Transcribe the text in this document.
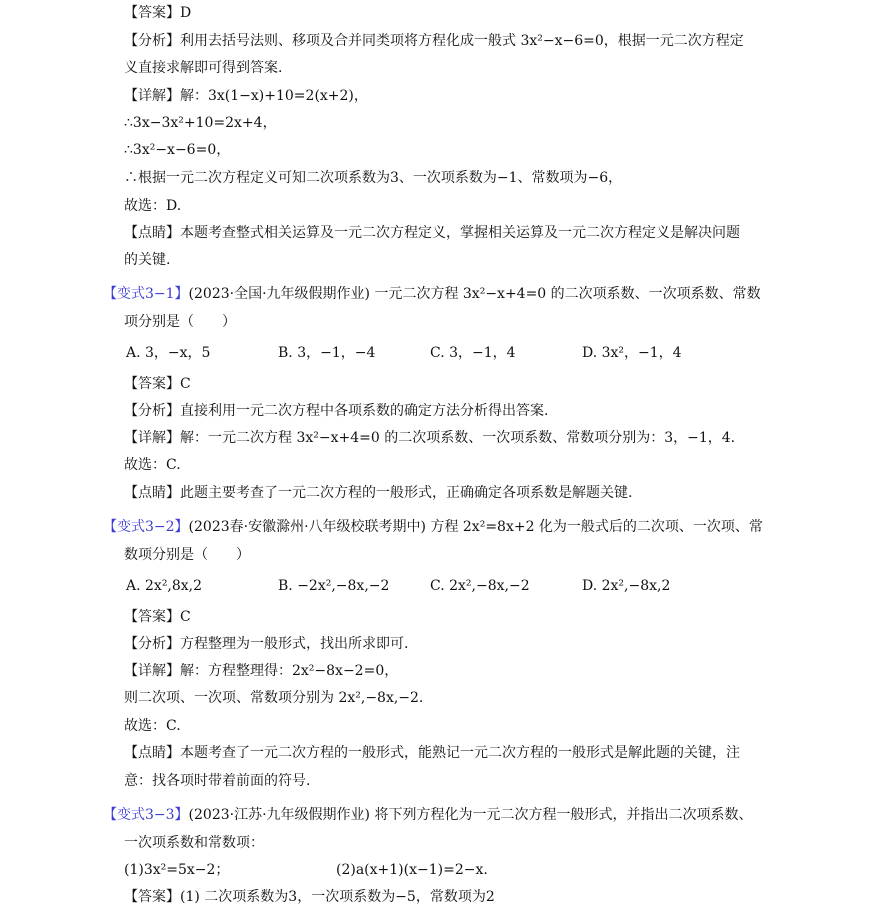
【答案】D
【分析】利用去括号法则、移项及合并同类项将方程化成一般式 3x²−x−6=0，根据一元二次方程定
义直接求解即可得到答案.
【详解】解：3x(1−x)+10=2(x+2)，
∴3x−3x²+10=2x+4，
∴3x²−x−6=0，
∴根据一元二次方程定义可知二次项系数为3、一次项系数为−1、常数项为−6，
故选：D.
【点睛】本题考查整式相关运算及一元二次方程定义，掌握相关运算及一元二次方程定义是解决问题
的关键.
【变式3−1】(2023·全国·九年级假期作业) 一元二次方程 3x²−x+4=0 的二次项系数、一次项系数、常数
项分别是（　　）
A. 3，−x，5	B. 3，−1，−4	C. 3，−1，4	D. 3x²，−1，4
【答案】C
【分析】直接利用一元二次方程中各项系数的确定方法分析得出答案.
【详解】解：一元二次方程 3x²−x+4=0 的二次项系数、一次项系数、常数项分别为：3，−1，4.
故选：C.
【点睛】此题主要考查了一元二次方程的一般形式，正确确定各项系数是解题关键.
【变式3−2】(2023春·安徽滁州·八年级校联考期中) 方程 2x²=8x+2 化为一般式后的二次项、一次项、常
数项分别是（　　）
A. 2x²,8x,2	B. −2x²,−8x,−2	C. 2x²,−8x,−2	D. 2x²,−8x,2
【答案】C
【分析】方程整理为一般形式，找出所求即可.
【详解】解：方程整理得：2x²−8x−2=0，
则二次项、一次项、常数项分别为 2x²,−8x,−2.
故选：C.
【点睛】本题考查了一元二次方程的一般形式，能熟记一元二次方程的一般形式是解此题的关键，注
意：找各项时带着前面的符号.
【变式3−3】(2023·江苏·九年级假期作业) 将下列方程化为一元二次方程一般形式，并指出二次项系数、
一次项系数和常数项：
(1)3x²=5x−2；	(2)a(x+1)(x−1)=2−x.
【答案】(1) 二次项系数为3，一次项系数为−5，常数项为2
